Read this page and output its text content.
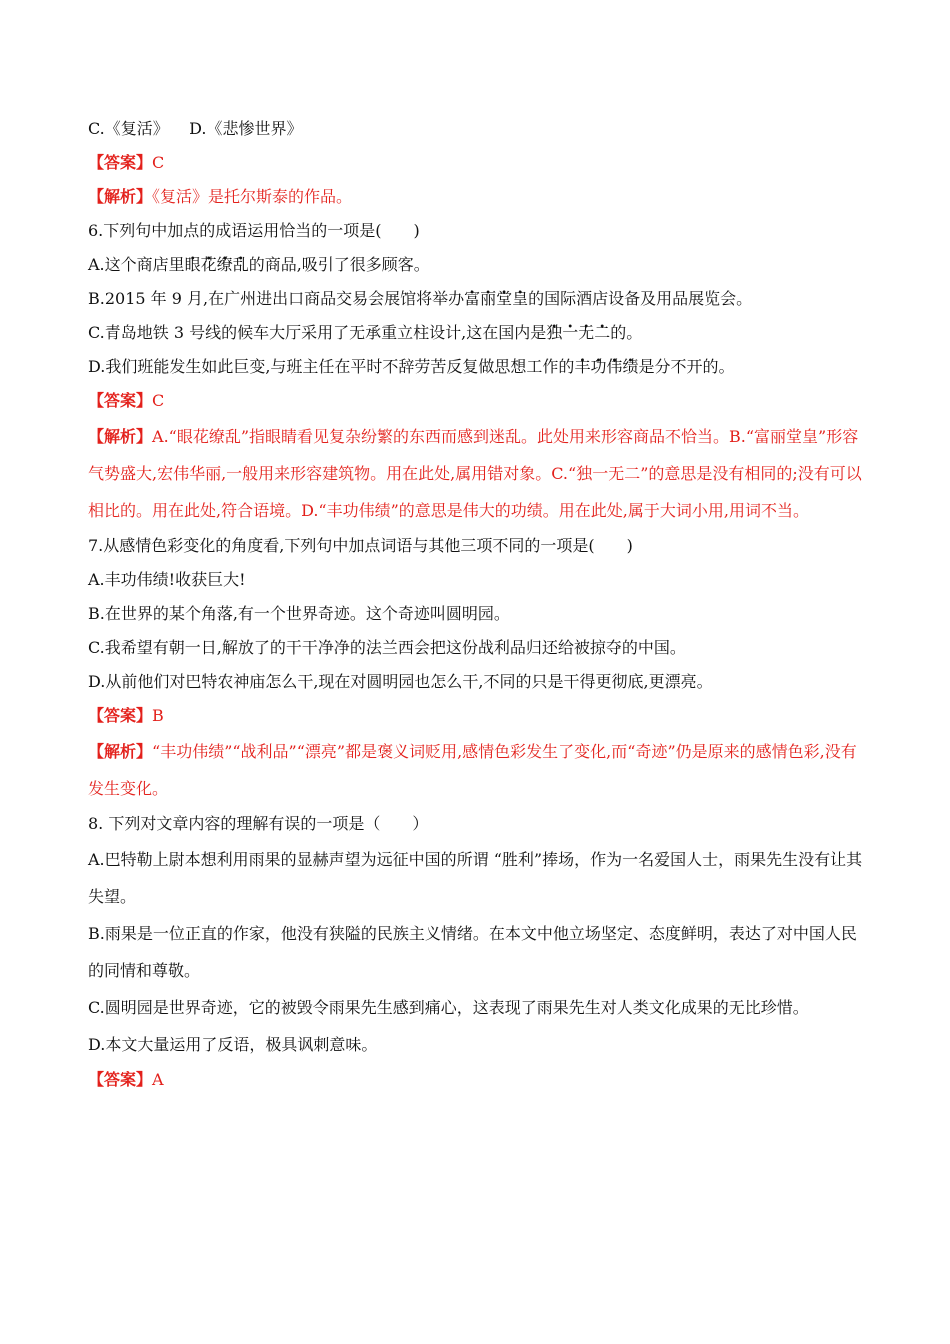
C.《复活》    D.《悲惨世界》

【答案】C

【解析】《复活》是托尔斯泰的作品。

6.下列句中加点的成语运用恰当的一项是(　　)

A.这个商店里• 眼• 花• 缭• 乱的商品,吸引了很多顾客。

B.2015 年 9 月,在广州进出口商品交易会展馆将举办• 富• 丽• 堂• 皇的国际酒店设备及用品展览会。

C.青岛地铁 3 号线的候车大厅采用了无承重立柱设计,这在国内是• 独• 一• 无• 二的。

D.我们班能发生如此巨变,与班主任在平时不辞劳苦反复做思想工作的• 丰• 功• 伟• 绩是分不开的。

【答案】C

【解析】A.“眼花缭乱”指眼睛看见复杂纷繁的东西而感到迷乱。此处用来形容商品不恰当。B.“富丽堂皇”形容气势盛大,宏伟华丽,一般用来形容建筑物。用在此处,属用错对象。C.“独一无二”的意思是没有相同的;没有可以相比的。用在此处,符合语境。D.“丰功伟绩”的意思是伟大的功绩。用在此处,属于大词小用,用词不当。

7.从感情色彩变化的角度看,下列句中加点词语与其他三项不同的一项是(　　)

A.丰功伟绩!收获巨大!

B.在世界的某个角落,有一个世界奇迹。这个奇迹叫圆明园。

C.我希望有朝一日,解放了的干干净净的法兰西会把这份战利品归还给被掠夺的中国。

D.从前他们对巴特农神庙怎么干,现在对圆明园也怎么干,不同的只是干得更彻底,更漂亮。

【答案】B

【解析】“丰功伟绩”“战利品”“漂亮”都是褒义词贬用,感情色彩发生了变化,而“奇迹”仍是原来的感情色彩,没有发生变化。

8. 下列对文章内容的理解有误的一项是（　　）

A.巴特勒上尉本想利用雨果的显赫声望为远征中国的所谓 “胜利”捧场，作为一名爱国人士，雨果先生没有让其失望。

B.雨果是一位正直的作家，他没有狭隘的民族主义情绪。在本文中他立场坚定、态度鲜明，表达了对中国人民的同情和尊敬。

C.圆明园是世界奇迹，它的被毁令雨果先生感到痛心，这表现了雨果先生对人类文化成果的无比珍惜。

D.本文大量运用了反语，极具讽刺意味。

【答案】A
